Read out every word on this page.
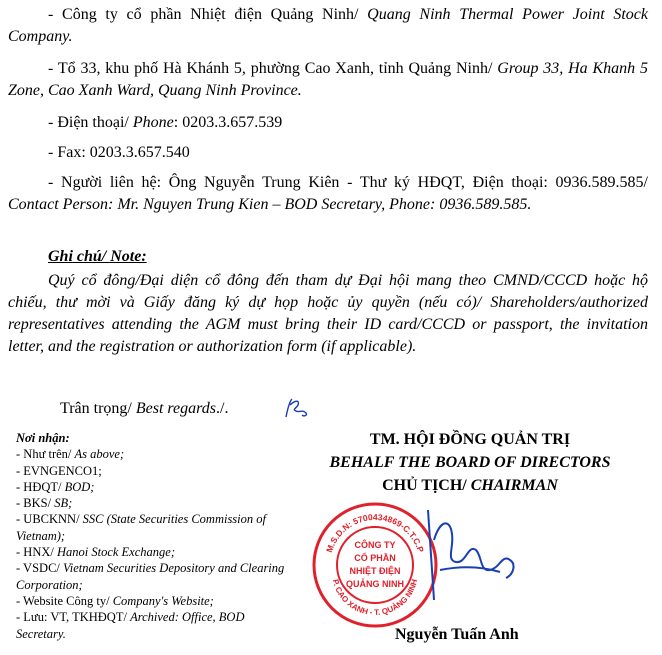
- Công ty cổ phần Nhiệt điện Quảng Ninh/ Quang Ninh Thermal Power Joint Stock Company.
- Tổ 33, khu phố Hà Khánh 5, phường Cao Xanh, tỉnh Quảng Ninh/ Group 33, Ha Khanh 5 Zone, Cao Xanh Ward, Quang Ninh Province.
- Điện thoại/ Phone: 0203.3.657.539
- Fax: 0203.3.657.540
- Người liên hệ: Ông Nguyễn Trung Kiên - Thư ký HĐQT, Điện thoại: 0936.589.585/ Contact Person: Mr. Nguyen Trung Kien – BOD Secretary, Phone: 0936.589.585.
Ghi chú/ Note:
Quý cổ đông/Đại diện cổ đông đến tham dự Đại hội mang theo CMND/CCCD hoặc hộ chiếu, thư mời và Giấy đăng ký dự họp hoặc ủy quyền (nếu có)/ Shareholders/authorized representatives attending the AGM must bring their ID card/CCCD or passport, the invitation letter, and the registration or authorization form (if applicable).
Trân trọng/ Best regards./.
Nơi nhận:
- Như trên/ As above;
- EVNGENCO1;
- HĐQT/ BOD;
- BKS/ SB;
- UBCKNN/ SSC (State Securities Commission of Vietnam);
- HNX/ Hanoi Stock Exchange;
- VSDC/ Vietnam Securities Depository and Clearing Corporation;
- Website Công ty/ Company's Website;
- Lưu: VT, TKHĐQT/ Archived: Office, BOD Secretary.
TM. HỘI ĐỒNG QUẢN TRỊ
BEHALF THE BOARD OF DIRECTORS
CHỦ TỊCH/ CHAIRMAN
M.S.D.N: 5700434869-C.T.C.P
P. CAO XANH - T. QUẢNG NINH
CÔNG TY
CỔ PHẦN
NHIỆT ĐIỆN
QUẢNG NINH
Nguyễn Tuấn Anh
